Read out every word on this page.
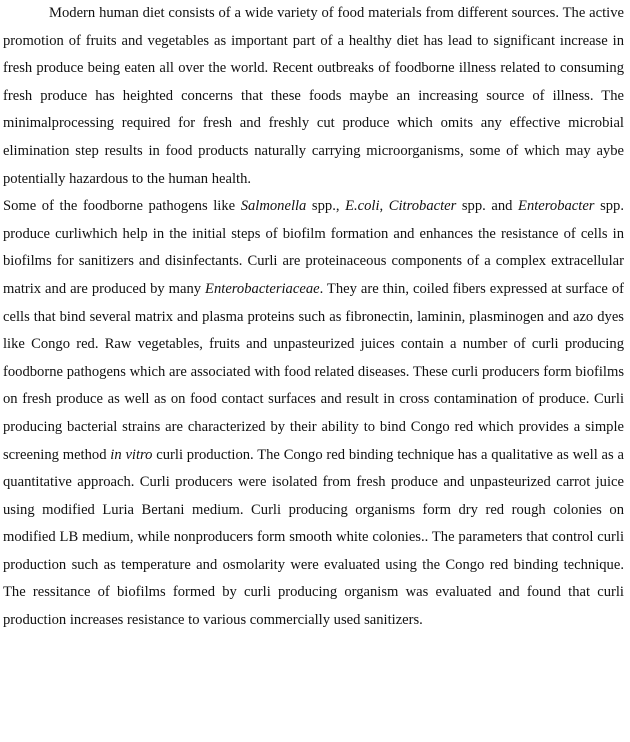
Modern human diet consists of a wide variety of food materials from different sources. The active promotion of fruits and vegetables as important part of a healthy diet has lead to significant increase in fresh produce being eaten all over the world. Recent outbreaks of foodborne illness related to consuming fresh produce has heighted concerns that these foods maybe an increasing source of illness. The minimalprocessing required for fresh and freshly cut produce which omits any effective microbial elimination step results in food products naturally carrying microorganisms, some of which may aybe potentially hazardous to the human health.

Some of the foodborne pathogens like Salmonella spp., E.coli, Citrobacter spp. and Enterobacter spp. produce curliwhich help in the initial steps of biofilm formation and enhances the resistance of cells in biofilms for sanitizers and disinfectants. Curli are proteinaceous components of a complex extracellular matrix and are produced by many Enterobacteriaceae. They are thin, coiled fibers expressed at surface of cells that bind several matrix and plasma proteins such as fibronectin, laminin, plasminogen and azo dyes like Congo red. Raw vegetables, fruits and unpasteurized juices contain a number of curli producing foodborne pathogens which are associated with food related diseases. These curli producers form biofilms on fresh produce as well as on food contact surfaces and result in cross contamination of produce. Curli producing bacterial strains are characterized by their ability to bind Congo red which provides a simple screening method in vitro curli production. The Congo red binding technique has a qualitative as well as a quantitative approach. Curli producers were isolated from fresh produce and unpasteurized carrot juice using modified Luria Bertani medium. Curli producing organisms form dry red rough colonies on modified LB medium, while nonproducers form smooth white colonies.. The parameters that control curli production such as temperature and osmolarity were evaluated using the Congo red binding technique. The ressitance of biofilms formed by curli producing organism was evaluated and found that curli production increases resistance to various commercially used sanitizers.
